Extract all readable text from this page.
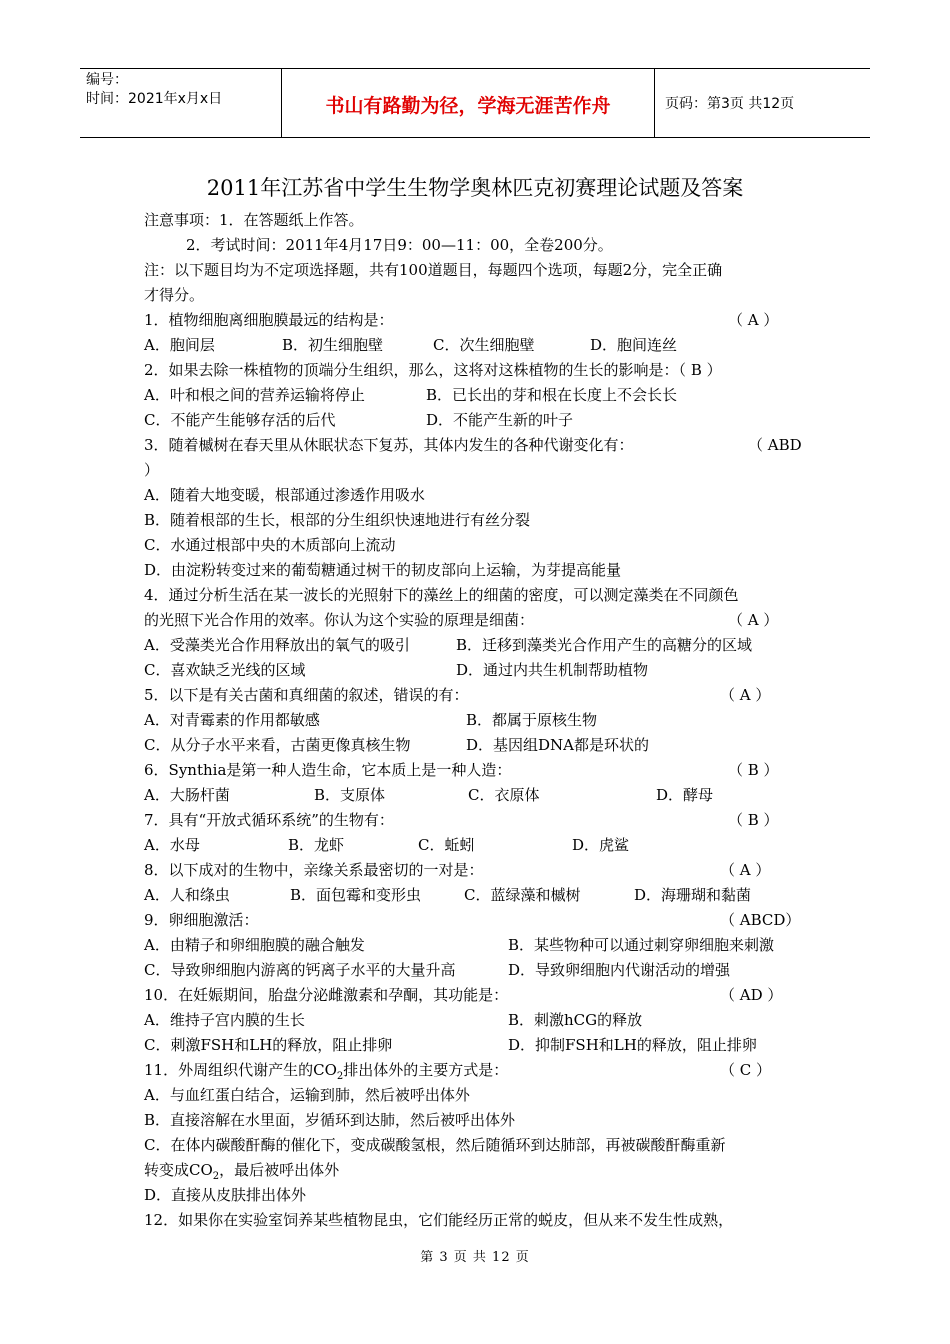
编号：
时间：2021年x月x日	书山有路勤为径，学海无涯苦作舟	页码：第3页 共12页
2011年江苏省中学生生物学奥林匹克初赛理论试题及答案
注意事项：1．在答题纸上作答。
2．考试时间：2011年4月17日9：00—11：00，全卷200分。
注：以下题目均为不定项选择题，共有100道题目，每题四个选项，每题2分，完全正确
才得分。
1．植物细胞离细胞膜最远的结构是：	（ A ）
A．胞间层	B．初生细胞壁	C．次生细胞壁	D．胞间连丝
2．如果去除一株植物的顶端分生组织，那么，这将对这株植物的生长的影响是：（ B ）
A．叶和根之间的营养运输将停止	B．已长出的芽和根在长度上不会长长
C．不能产生能够存活的后代	D．不能产生新的叶子
3．随着槭树在春天里从休眠状态下复苏，其体内发生的各种代谢变化有：	（ ABD
）
A．随着大地变暖，根部通过渗透作用吸水
B．随着根部的生长，根部的分生组织快速地进行有丝分裂
C．水通过根部中央的木质部向上流动
D．由淀粉转变过来的葡萄糖通过树干的韧皮部向上运输，为芽提高能量
4．通过分析生活在某一波长的光照射下的藻丝上的细菌的密度，可以测定藻类在不同颜色
的光照下光合作用的效率。你认为这个实验的原理是细菌：	（ A ）
A．受藻类光合作用释放出的氧气的吸引	B．迁移到藻类光合作用产生的高糖分的区域
C．喜欢缺乏光线的区域	D．通过内共生机制帮助植物
5．以下是有关古菌和真细菌的叙述，错误的有：	（ A ）
A．对青霉素的作用都敏感	B．都属于原核生物
C．从分子水平来看，古菌更像真核生物	D．基因组DNA都是环状的
6．Synthia是第一种人造生命，它本质上是一种人造：	（ B ）
A．大肠杆菌	B．支原体	C．衣原体	D．酵母
7．具有“开放式循环系统”的生物有：	（ B ）
A．水母	B．龙虾	C．蚯蚓	D．虎鲨
8．以下成对的生物中，亲缘关系最密切的一对是：	（ A ）
A．人和绦虫	B．面包霉和变形虫	C．蓝绿藻和槭树	D．海珊瑚和黏菌
9．卵细胞激活：	（ ABCD）
A．由精子和卵细胞膜的融合触发	B．某些物种可以通过刺穿卵细胞来刺激
C．导致卵细胞内游离的钙离子水平的大量升高	D．导致卵细胞内代谢活动的增强
10．在妊娠期间，胎盘分泌雌激素和孕酮，其功能是：	（ AD ）
A．维持子宫内膜的生长	B．刺激hCG的释放
C．刺激FSH和LH的释放，阻止排卵	D．抑制FSH和LH的释放，阻止排卵
11．外周组织代谢产生的$CO_2$排出体外的主要方式是：	（ C ）
A．与血红蛋白结合，运输到肺，然后被呼出体外
B．直接溶解在水里面，岁循环到达肺，然后被呼出体外
C．在体内碳酸酐酶的催化下，变成碳酸氢根，然后随循环到达肺部，再被碳酸酐酶重新
转变成$CO_2$，最后被呼出体外
D．直接从皮肤排出体外
12．如果你在实验室饲养某些植物昆虫，它们能经历正常的蜕皮，但从来不发生性成熟，
第 3 页 共 12 页
